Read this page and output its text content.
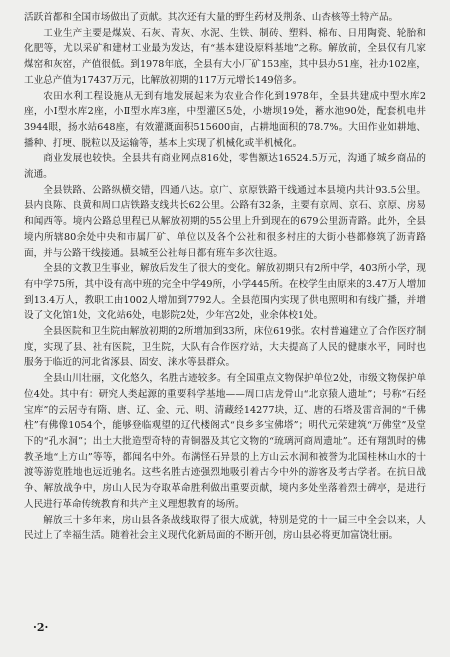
活跃首都和全国市场做出了贡献。其次还有大量的野生药材及荆条、山杏核等土特产品。

工业生产主要是煤炭、石灰、青灰、水泥、生铁、制砖、塑料、棉布、日用陶瓷、轮胎和化肥等，尤以采矿和建材工业最为发达，有“基本建设原料基地”之称。解放前，全县仅有几家煤窑和灰窑，产值很低。到1978年底，全县有大小厂矿153座，其中县办51座，社办102座，工业总产值为17437万元，比解放初期的117万元增长149倍多。

农田水利工程设施从无到有地发展起来为农业合作化到1978年，全县共建成中型水库2座，小Ⅰ型水库2座，小Ⅱ型水库3座，中型灌区5处，小塘坝19处，蓄水池90处，配套机电井3944眼，扬水站648座，有效灌溉面积515600亩，占耕地面积的78.7%。大田作业如耕地、播种、打埂、脱粒以及运输等，基本上实现了机械化或半机械化。

商业发展也较快。全县共有商业网点816处，零售额达16524.5万元，沟通了城乡商品的流通。

全县铁路、公路纵横交错，四通八达。京广、京原铁路干线通过本县境内共计93.5公里。县内良陈、良黄和周口店铁路支线共长62公里。公路有32条，主要有京周、京石、京原、房易和闻西等。境内公路总里程已从解放初期的55公里上升到现在的679公里沥青路。此外，全县境内所辖80余处中央和市属厂矿、单位以及各个公社和很多村庄的大街小巷都修筑了沥青路面，并与公路干线接通。县城至公社每日都有班车多次往返。

全县的文教卫生事业，解放后发生了很大的变化。解放初期只有2所中学，403所小学，现有中学75所，其中设有高中班的完全中学49所，小学445所。在校学生由原来的3.47万人增加到13.4万人，教职工由1002人增加到7792人。全县范围内实现了供电照明和有线广播，并增设了文化馆1处，文化站6处，电影院2处，少年宫2处，业余体校1处。

全县医院和卫生院由解放初期的2所增加到33所，床位619张。农村普遍建立了合作医疗制度，实现了县、社有医院，卫生院，大队有合作医疗站，大夫提高了人民的健康水平，同时也服务于临近的河北省涿县、固安、涞水等县群众。

全县山川壮丽，文化悠久，名胜古迹较多。有全国重点文物保护单位2处，市级文物保护单位4处。其中有：研究人类起源的重要科学基地——周口店龙骨山“北京猿人遗址”；号称“石经宝库”的云居寺有隋、唐、辽、金、元、明、清藏经14277块，辽、唐的石塔及雷音洞的“千佛柱”有佛像1054个，能够登临观望的辽代楼阁式“良乡多宝佛塔”；明代元荣建筑“万佛堂”及堂下的“孔水洞”；出土大批造型奇特的青铜器及其它文物的“琉璃河商周遗址”。还有翔凯时的佛教圣地“上方山”等等，都闻名中外。布满怪石异景的上方山云水洞和被誉为北国桂林山水的十渡等游览胜地也远近驰名。这些名胜古迹强烈地吸引着古今中外的游客及考古学者。在抗日战争、解放战争中，房山人民为夺取革命胜利做出重要贡献，境内多处坐落着烈士碑亭，是进行人民进行革命传统教育和共产主义理想教育的场所。

解放三十多年来，房山县各条战线取得了很大成就，特别是党的十一届三中全会以来，人民过上了幸福生活。随着社会主义现代化新局面的不断开创，房山县必将更加富饶壮丽。

·2·
